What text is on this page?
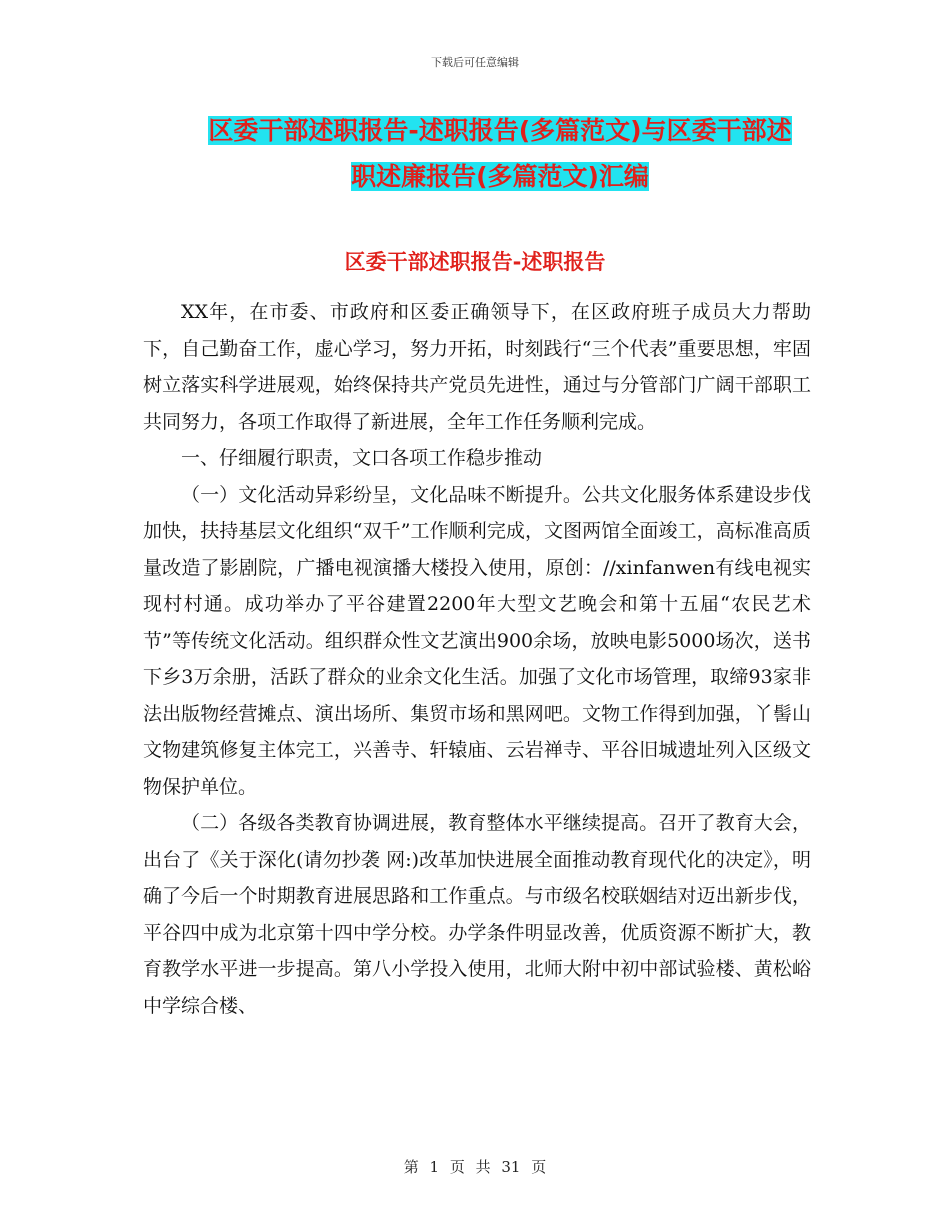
下载后可任意编辑
区委干部述职报告-述职报告(多篇范文)与区委干部述
职述廉报告(多篇范文)汇编
区委干部述职报告-述职报告

XX年，在市委、市政府和区委正确领导下，在区政府班子成员大力帮助下，自己勤奋工作，虚心学习，努力开拓，时刻践行“三个代表”重要思想，牢固树立落实科学进展观，始终保持共产党员先进性，通过与分管部门广阔干部职工共同努力，各项工作取得了新进展，全年工作任务顺利完成。

一、仔细履行职责，文口各项工作稳步推动

（一）文化活动异彩纷呈，文化品味不断提升。公共文化服务体系建设步伐加快，扶持基层文化组织“双千”工作顺利完成，文图两馆全面竣工，高标准高质量改造了影剧院，广播电视演播大楼投入使用，原创：//xinfanwen有线电视实现村村通。成功举办了平谷建置2200年大型文艺晚会和第十五届“农民艺术节”等传统文化活动。组织群众性文艺演出900余场，放映电影5000场次，送书下乡3万余册，活跃了群众的业余文化生活。加强了文化市场管理，取缔93家非法出版物经营摊点、演出场所、集贸市场和黑网吧。文物工作得到加强，丫髻山文物建筑修复主体完工，兴善寺、轩辕庙、云岩禅寺、平谷旧城遗址列入区级文物保护单位。

（二）各级各类教育协调进展，教育整体水平继续提高。召开了教育大会，出台了《关于深化(请勿抄袭 网:)改革加快进展全面推动教育现代化的决定》，明确了今后一个时期教育进展思路和工作重点。与市级名校联姻结对迈出新步伐，平谷四中成为北京第十四中学分校。办学条件明显改善，优质资源不断扩大，教育教学水平进一步提高。第八小学投入使用，北师大附中初中部试验楼、黄松峪中学综合楼、

第 1 页 共 31 页
